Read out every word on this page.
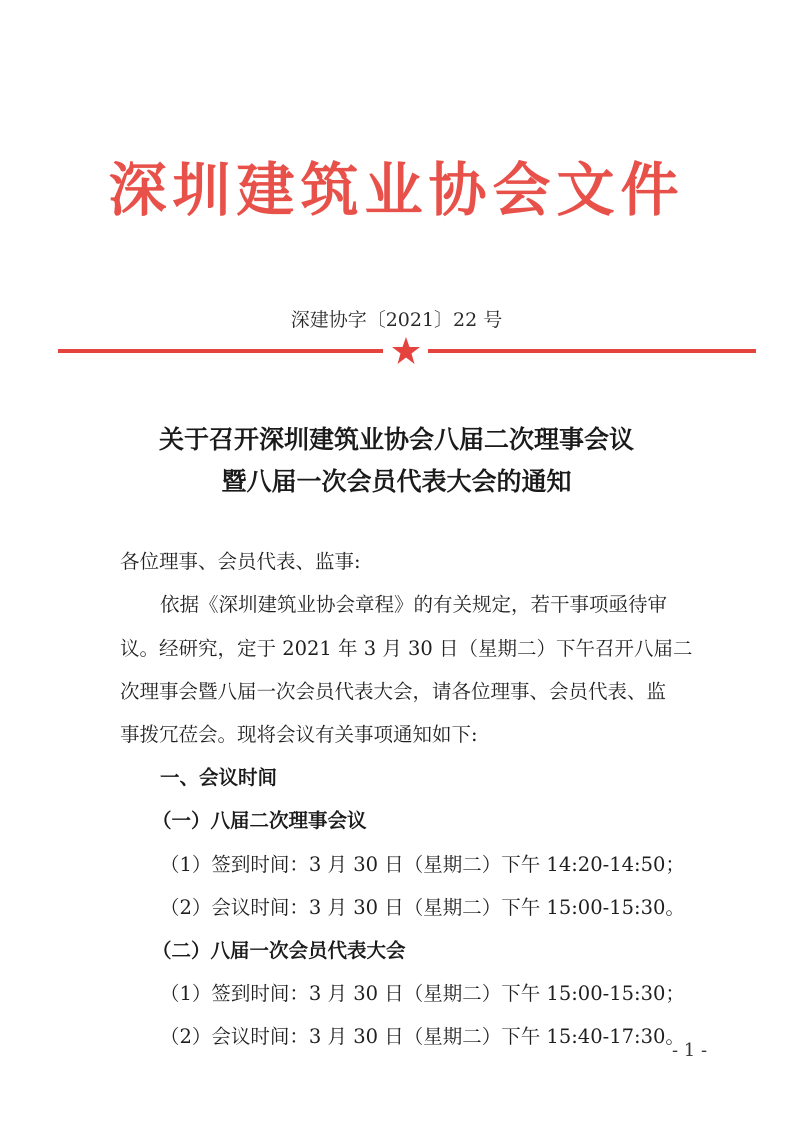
深圳建筑业协会文件
深建协字〔2021〕22 号
关于召开深圳建筑业协会八届二次理事会议
暨八届一次会员代表大会的通知
各位理事、会员代表、监事:
依据《深圳建筑业协会章程》的有关规定，若干事项亟待审
议。经研究，定于 2021 年 3 月 30 日（星期二）下午召开八届二
次理事会暨八届一次会员代表大会，请各位理事、会员代表、监
事拨冗莅会。现将会议有关事项通知如下:
一、会议时间
（一）八届二次理事会议
（1）签到时间：3 月 30 日（星期二）下午 14:20-14:50；
（2）会议时间：3 月 30 日（星期二）下午 15:00-15:30。
（二）八届一次会员代表大会
（1）签到时间：3 月 30 日（星期二）下午 15:00-15:30；
（2）会议时间：3 月 30 日（星期二）下午 15:40-17:30。
- 1 -
